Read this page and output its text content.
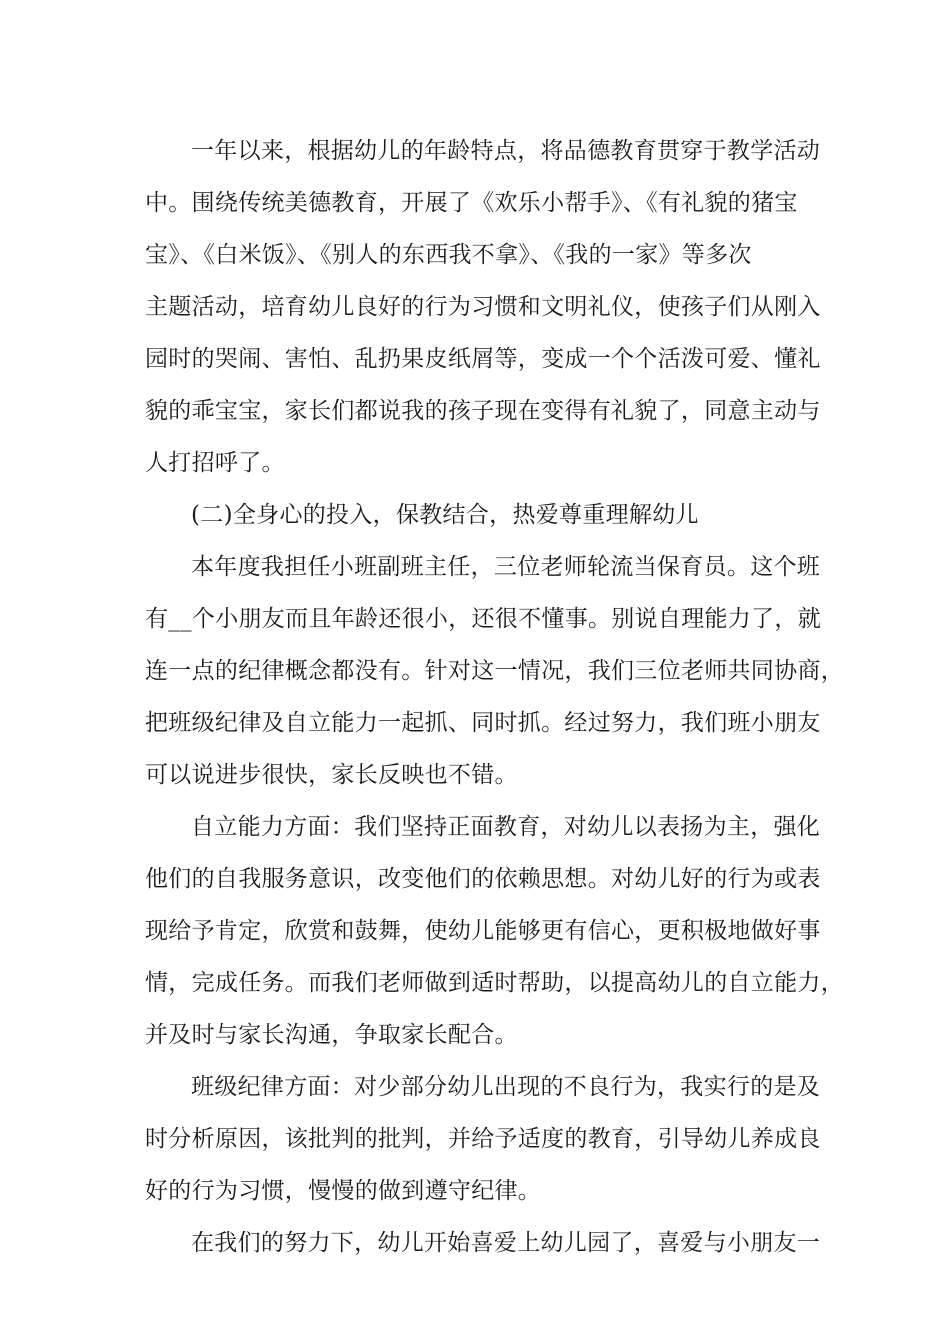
一年以来，根据幼儿的年龄特点，将品德教育贯穿于教学活动
中。围绕传统美德教育，开展了《欢乐小帮手》、《有礼貌的猪宝
宝》、《白米饭》、《别人的东西我不拿》、《我的一家》等多次
主题活动，培育幼儿良好的行为习惯和文明礼仪，使孩子们从刚入
园时的哭闹、害怕、乱扔果皮纸屑等，变成一个个活泼可爱、懂礼
貌的乖宝宝，家长们都说我的孩子现在变得有礼貌了，同意主动与
人打招呼了。
(二)全身心的投入，保教结合，热爱尊重理解幼儿
本年度我担任小班副班主任，三位老师轮流当保育员。这个班
有__个小朋友而且年龄还很小，还很不懂事。别说自理能力了，就
连一点的纪律概念都没有。针对这一情况，我们三位老师共同协商，
把班级纪律及自立能力一起抓、同时抓。经过努力，我们班小朋友
可以说进步很快，家长反映也不错。
自立能力方面：我们坚持正面教育，对幼儿以表扬为主，强化
他们的自我服务意识，改变他们的依赖思想。对幼儿好的行为或表
现给予肯定，欣赏和鼓舞，使幼儿能够更有信心，更积极地做好事
情，完成任务。而我们老师做到适时帮助，以提高幼儿的自立能力，
并及时与家长沟通，争取家长配合。
班级纪律方面：对少部分幼儿出现的不良行为，我实行的是及
时分析原因，该批判的批判，并给予适度的教育，引导幼儿养成良
好的行为习惯，慢慢的做到遵守纪律。
在我们的努力下，幼儿开始喜爱上幼儿园了，喜爱与小朋友一
